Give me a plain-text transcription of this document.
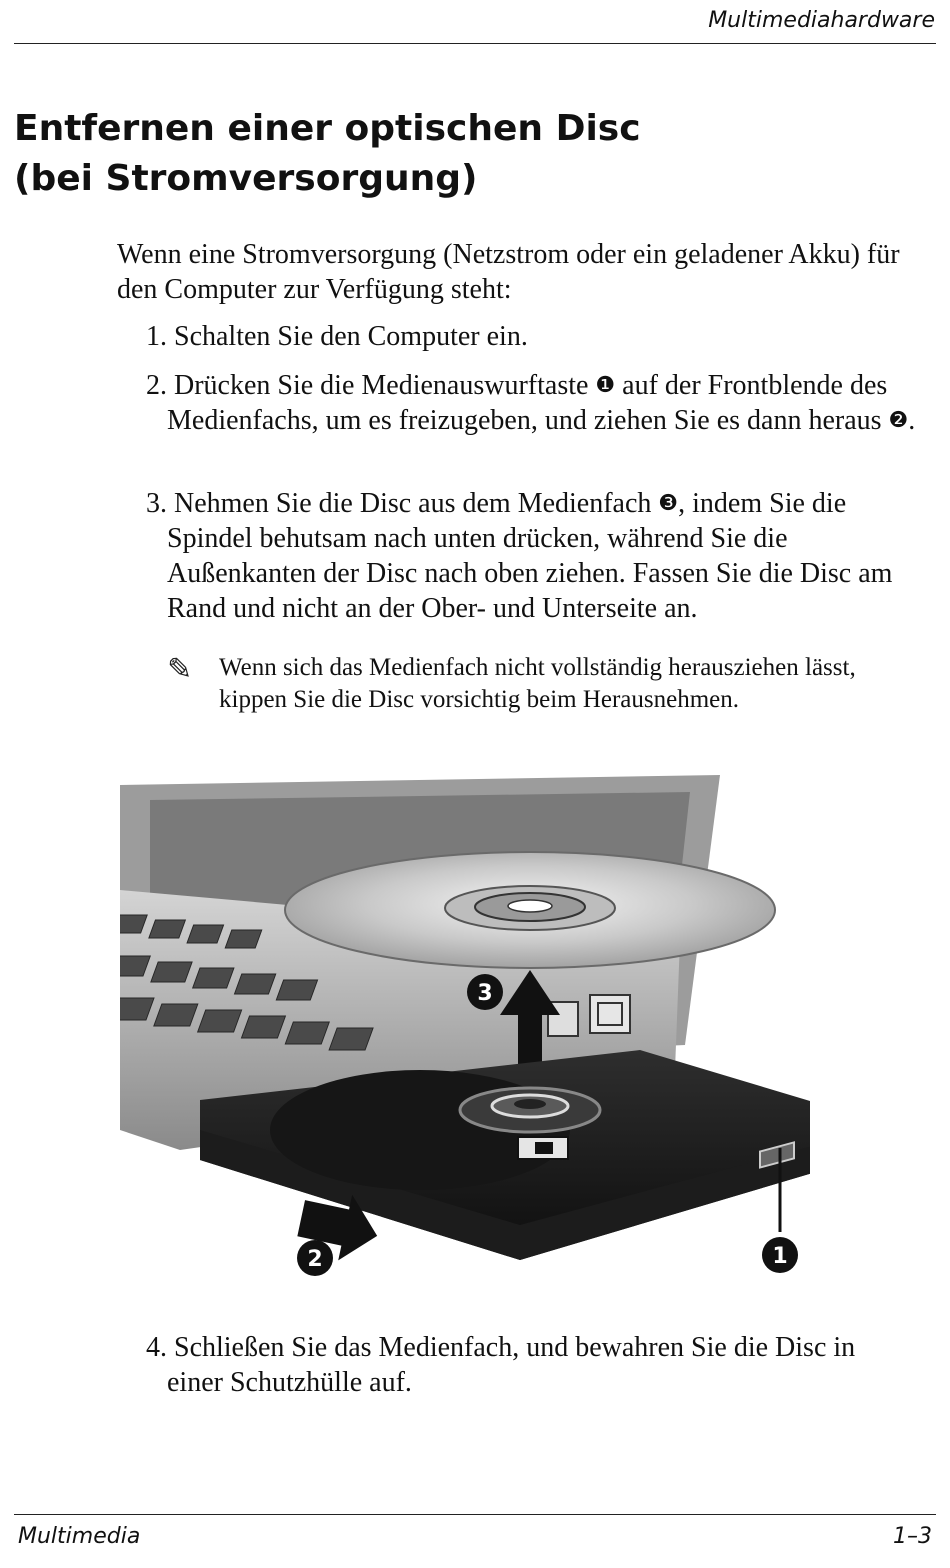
Multimediahardware
Entfernen einer optischen Disc
(bei Stromversorgung)

Wenn eine Stromversorgung (Netzstrom oder ein geladener Akku) für den Computer zur Verfügung steht:

1. Schalten Sie den Computer ein.
2. Drücken Sie die Medienauswurftaste ❶ auf der Frontblende des Medienfachs, um es freizugeben, und ziehen Sie es dann heraus ❷.
3. Nehmen Sie die Disc aus dem Medienfach ❸, indem Sie die Spindel behutsam nach unten drücken, während Sie die Außenkanten der Disc nach oben ziehen. Fassen Sie die Disc am Rand und nicht an der Ober- und Unterseite an.
✎	Wenn sich das Medienfach nicht vollständig herausziehen lässt, kippen Sie die Disc vorsichtig beim Herausnehmen.
3
2	1
4. Schließen Sie das Medienfach, und bewahren Sie die Disc in einer Schutzhülle auf.
Multimedia	1–3
